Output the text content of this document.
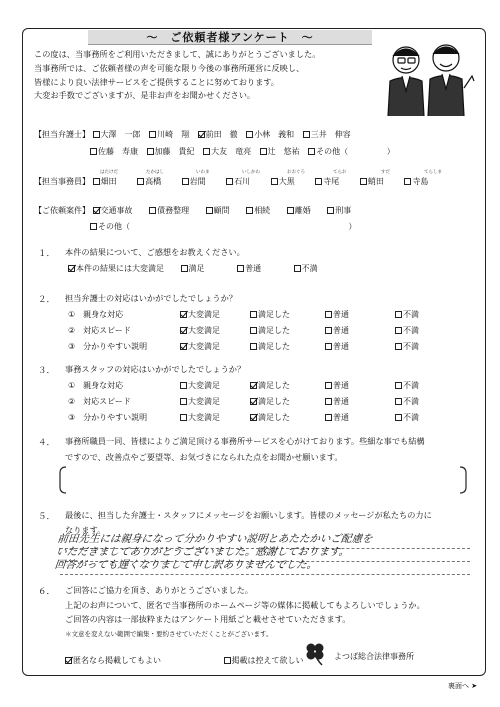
～　ご依頼者様アンケート　～
この度は、当事務所をご利用いただきまして、誠にありがとうございました。
当事務所では、ご依頼者様の声を可能な限り今後の事務所運営に反映し、
皆様により良い法律サービスをご提供することに努めております。
大変お手数でございますが、是非お声をお聞かせください。
【担当弁護士】 大澤　一郎 川崎　翔 前田　徹 小林　義和 三井　伸容
佐藤　寿康 加藤　貴紀 大友　竜亮 辻　悠祐 その他（	）
【担当事務員】 畑田	高橋	岩間	石川	大黒	寺尾	蛸田	寺島
はたけだ	たかはし	いわま	いしかわ	おおぐろ	てらお	すだ	てらしま
【ご依頼案件】 交通事故	債務整理	顧問	相続	離婚	刑事
その他（	）
１． 本件の結果について、ご感想をお教えください。
本件の結果には大変満足	満足	普通	不満
２． 担当弁護士の対応はいかがでしたでしょうか？
①　親身な対応	大変満足	満足した	普通	不満
②　対応スピード	大変満足	満足した	普通	不満
③　分かりやすい説明	大変満足	満足した	普通	不満
３． 事務スタッフの対応はいかがでしたでしょうか？
①　親身な対応	大変満足	満足した	普通	不満
②　対応スピード	大変満足	満足した	普通	不満
③　分かりやすい説明	大変満足	満足した	普通	不満
４． 事務所職員一同、皆様によりご満足頂ける事務所サービスを心がけております。些細な事でも結構
ですので、改善点やご要望等、お気づきになられた点をお聞かせ願います。
５． 最後に、担当した弁護士・スタッフにメッセージをお願いします。皆様のメッセージが私たちの力に
なります。
前田先生には親身になって分かりやすい説明とあたたかいご配慮を
いただきましてありがとうございました。感謝しております。
回答がっても遅くなりまして申し訳ありませんでした。
６． ご回答にご協力を頂き、ありがとうございました。
上記のお声について、匿名で当事務所のホームページ等の媒体に掲載してもよろしいでしょうか。
ご回答の内容は一部抜粋またはアンケート用紙ごと載せさせていただきます。
＊文意を変えない範囲で編集・要約させていただくことがございます。
匿名なら掲載してもよい	掲載は控えて欲しい	よつば総合法律事務所
裏面へ ➤
